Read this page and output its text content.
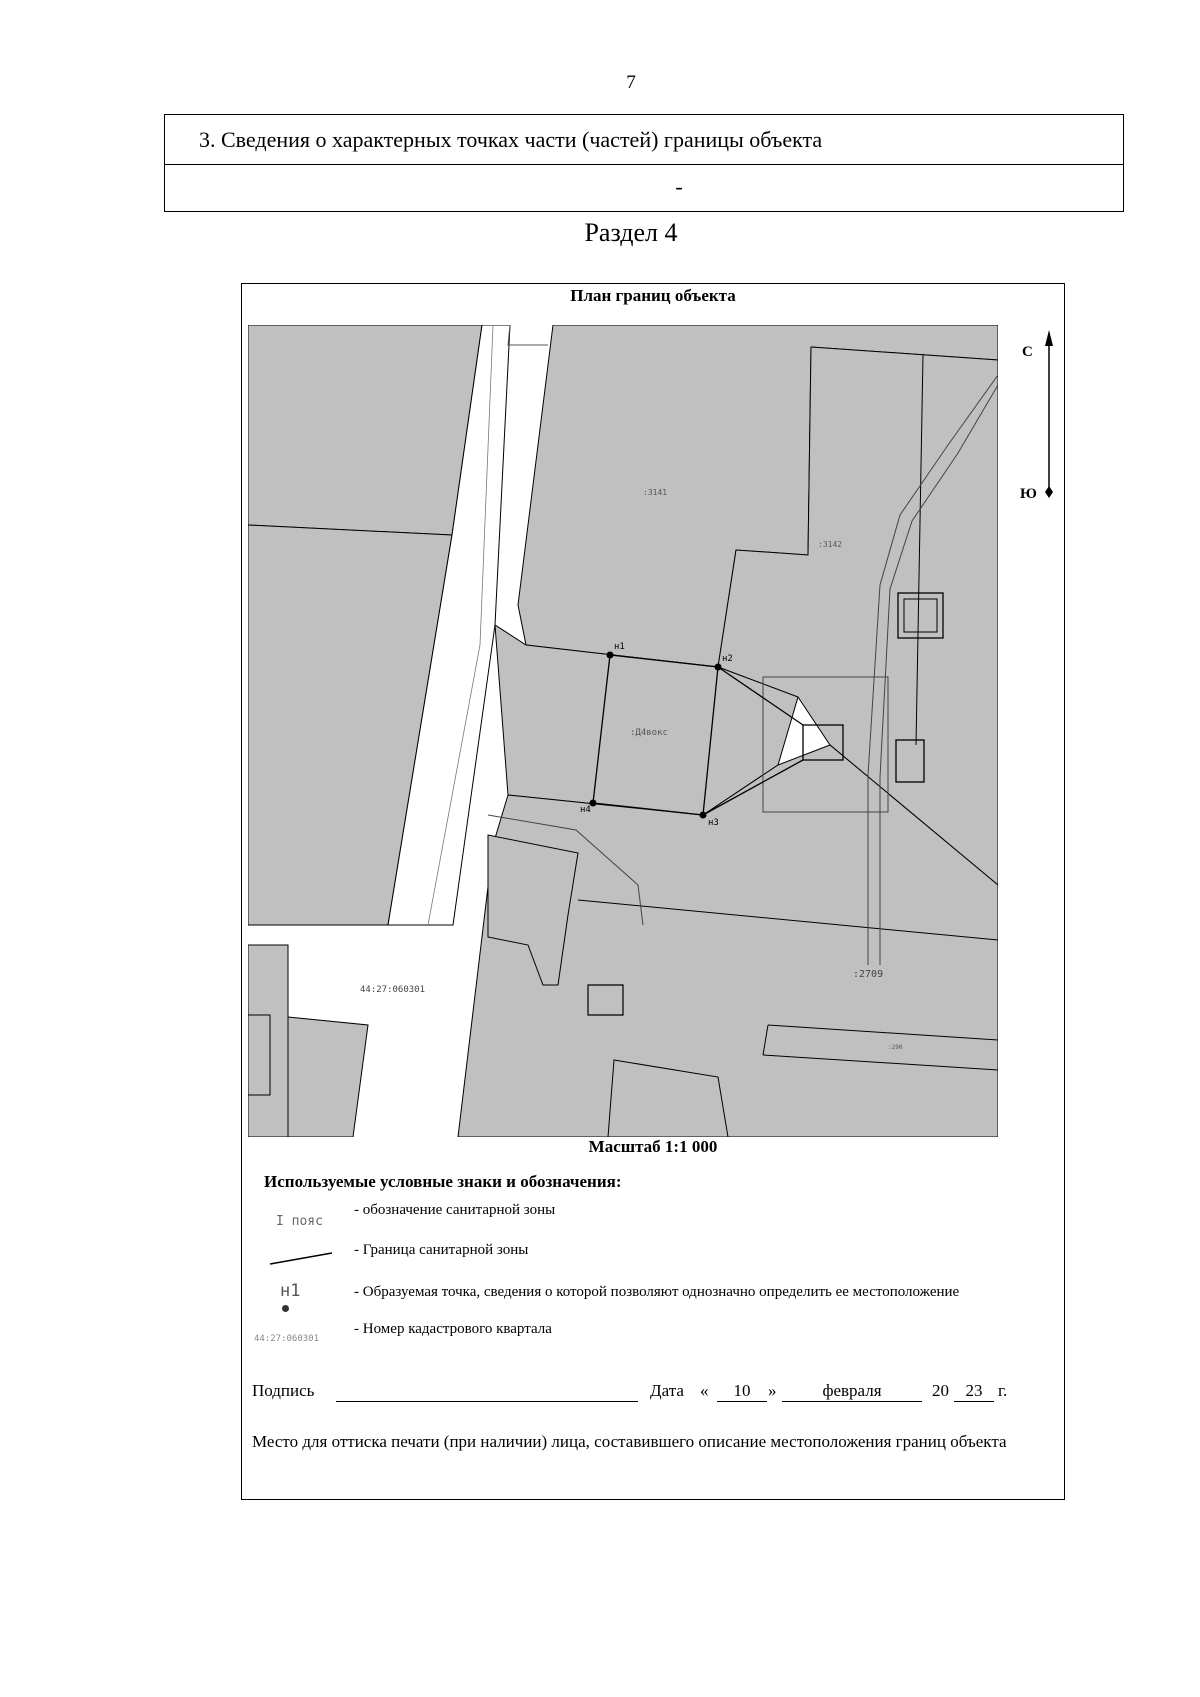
7
3. Сведения о характерных точках части (частей) границы объекта
-
Раздел 4
План границ объекта
н1
н2
н3
н4
:3141
:3142
:Д4вокс
:2709
:290
44:27:060301
С
Ю
Масштаб 1:1 000
Используемые условные знаки и обозначения:
I пояс
- обозначение санитарной зоны
- Граница санитарной зоны
н1	- Образуемая точка, сведения о которой позволяют однозначно определить ее местоположение
44:27:060301
- Номер кадастрового квартала
Подпись	Дата «	10	»	февраля	20 23 г.
Место для оттиска печати (при наличии) лица, составившего описание местоположения границ объекта
